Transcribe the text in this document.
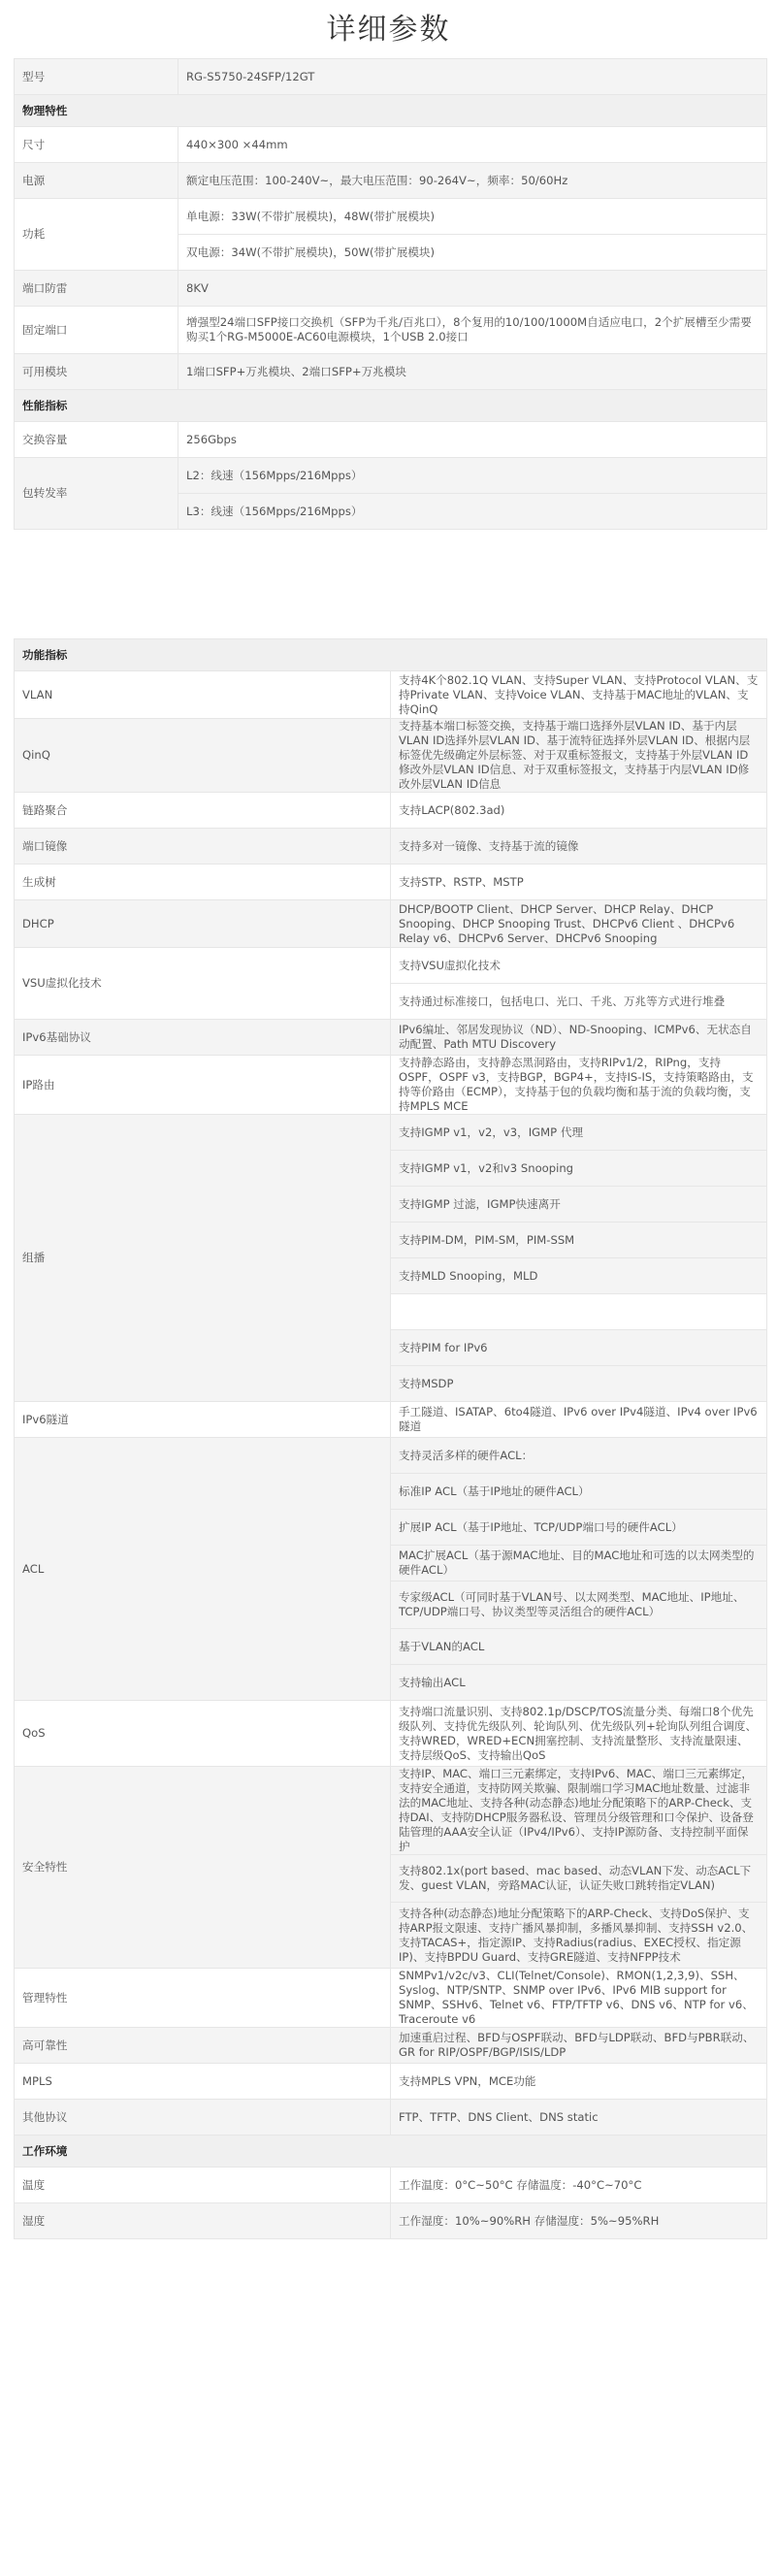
详细参数
型号	RG-S5750-24SFP/12GT
物理特性	
尺寸	440×300 ×44mm
电源	额定电压范围：100-240V~，最大电压范围：90-264V~，频率：50/60Hz
功耗	单电源：33W(不带扩展模块)，48W(带扩展模块)
	双电源：34W(不带扩展模块)，50W(带扩展模块)
端口防雷	8KV
固定端口	增强型24端口SFP接口交换机（SFP为千兆/百兆口），8个复用的10/100/1000M自适应电口，2个扩展槽至少需要购买1个RG-M5000E-AC60电源模块，1个USB 2.0接口
可用模块	1端口SFP+万兆模块、2端口SFP+万兆模块
性能指标	
交换容量	256Gbps
包转发率	L2：线速（156Mpps/216Mpps）
	L3：线速（156Mpps/216Mpps）
功能指标	
VLAN	支持4K个802.1Q VLAN、支持Super VLAN、支持Protocol VLAN、支持Private VLAN、支持Voice VLAN、支持基于MAC地址的VLAN、支持QinQ
QinQ	支持基本端口标签交换，支持基于端口选择外层VLAN ID、基于内层VLAN ID选择外层VLAN ID、基于流特征选择外层VLAN ID、根据内层标签优先级确定外层标签、对于双重标签报文，支持基于外层VLAN ID修改外层VLAN ID信息、对于双重标签报文，支持基于内层VLAN ID修改外层VLAN ID信息
链路聚合	支持LACP(802.3ad)
端口镜像	支持多对一镜像、支持基于流的镜像
生成树	支持STP、RSTP、MSTP
DHCP	DHCP/BOOTP Client、DHCP Server、DHCP Relay、DHCP Snooping、DHCP Snooping Trust、DHCPv6 Client 、DHCPv6 Relay v6、DHCPv6 Server、DHCPv6 Snooping
VSU虚拟化技术	支持VSU虚拟化技术
	支持通过标准接口，包括电口、光口、千兆、万兆等方式进行堆叠
IPv6基础协议	IPv6编址、邻居发现协议（ND）、ND-Snooping、ICMPv6、无状态自动配置、Path MTU Discovery
IP路由	支持静态路由，支持静态黑洞路由，支持RIPv1/2，RIPng，支持OSPF，OSPF v3，支持BGP，BGP4+，支持IS-IS，支持策略路由，支持等价路由（ECMP），支持基于包的负载均衡和基于流的负载均衡，支持MPLS MCE
组播	支持IGMP v1，v2，v3，IGMP 代理
	支持IGMP v1，v2和v3 Snooping
	支持IGMP 过滤，IGMP快速离开
	支持PIM-DM，PIM-SM，PIM-SSM
	支持MLD Snooping，MLD

	支持PIM for IPv6
	支持MSDP
IPv6隧道	手工隧道、ISATAP、6to4隧道、IPv6 over IPv4隧道、IPv4 over IPv6 隧道
ACL	支持灵活多样的硬件ACL：
	标准IP ACL（基于IP地址的硬件ACL）
	扩展IP ACL（基于IP地址、TCP/UDP端口号的硬件ACL）
	MAC扩展ACL（基于源MAC地址、目的MAC地址和可选的以太网类型的硬件ACL）
	专家级ACL（可同时基于VLAN号、以太网类型、MAC地址、IP地址、TCP/UDP端口号、协议类型等灵活组合的硬件ACL）
	基于VLAN的ACL
	支持输出ACL
QoS	支持端口流量识别、支持802.1p/DSCP/TOS流量分类、每端口8个优先级队列、支持优先级队列、轮询队列、优先级队列+轮询队列组合调度、支持WRED，WRED+ECN拥塞控制、支持流量整形、支持流量限速、支持层级QoS、支持输出QoS
安全特性	支持IP、MAC、端口三元素绑定，支持IPv6、MAC、端口三元素绑定，支持安全通道，支持防网关欺骗、限制端口学习MAC地址数量、过滤非法的MAC地址、支持各种(动态静态)地址分配策略下的ARP-Check、支持DAI、支持防DHCP服务器私设、管理员分级管理和口令保护、设备登陆管理的AAA安全认证（IPv4/IPv6）、支持IP源防备、支持控制平面保护
	支持802.1x(port based、mac based、动态VLAN下发、动态ACL下发、guest VLAN，旁路MAC认证，认证失败口跳转指定VLAN)
	支持各种(动态静态)地址分配策略下的ARP-Check、支持DoS保护、支持ARP报文限速、支持广播风暴抑制，多播风暴抑制、支持SSH v2.0、支持TACAS+，指定源IP、支持Radius(radius、EXEC授权、指定源IP)、支持BPDU Guard、支持GRE隧道、支持NFPP技术
管理特性	SNMPv1/v2c/v3、CLI(Telnet/Console)、RMON(1,2,3,9)、SSH、Syslog、NTP/SNTP、SNMP over IPv6、IPv6 MIB support for SNMP、SSHv6、Telnet v6、FTP/TFTP v6、DNS v6、NTP for v6、Traceroute v6
高可靠性	加速重启过程、BFD与OSPF联动、BFD与LDP联动、BFD与PBR联动、GR for RIP/OSPF/BGP/ISIS/LDP
MPLS	支持MPLS VPN，MCE功能
其他协议	FTP、TFTP、DNS Client、DNS static
工作环境	
温度	工作温度：0°C~50°C 存储温度：-40°C~70°C
湿度	工作湿度：10%~90%RH 存储湿度：5%~95%RH
